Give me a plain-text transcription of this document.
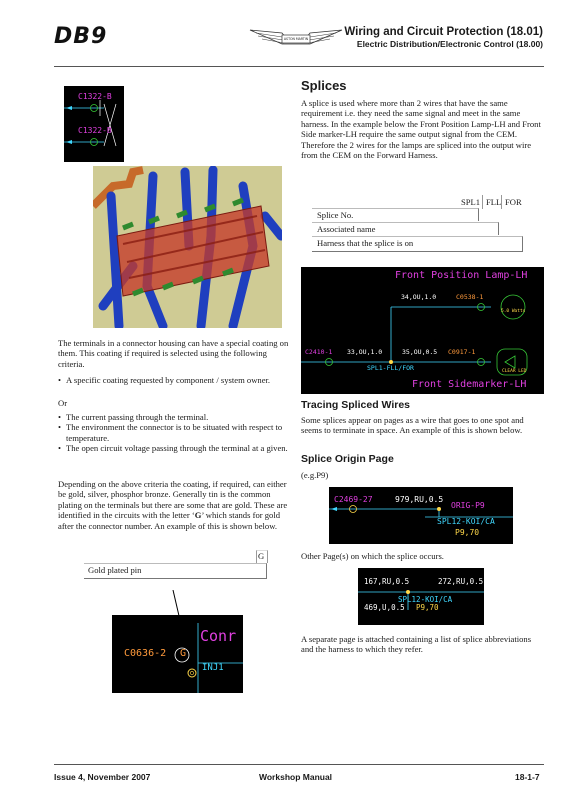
DB9	ASTON MARTIN
Wiring and Circuit Protection (18.01)
Electric Distribution/Electronic Control (18.00)
C1322-B
C1322-B
The terminals in a connector housing can have a special coating on them. This coating if required is selected using the following criteria.
• A specific coating requested by component / system owner.
Or
• The current passing through the terminal.
• The environment the connector is to be situated with respect to temperature.
• The open circuit voltage passing through the terminal at a given.
Depending on the above criteria the coating, if required, can either be gold, silver, phosphor bronze. Generally tin is the common plating on the terminals but there are some that are gold. These are identified in the circuits with the letter ‘G’ which stands for gold after the connector number. An example of this is shown below.
G
Gold plated pin
C0636-2 G
Conr
INJ1
Splices
A splice is used where more than 2 wires that have the same requirement i.e. they need the same signal and meet in the same harness. In the example below the Front Position Lamp-LH and Front Side marker-LH require the same output signal from the CEM. Therefore the 2 wires for the lamps are spliced into the output wire from the CEM on the Forward Harness.
SPL1 FLL FOR
Splice No.
Associated name
Harness that the splice is on
Front Position Lamp-LH
34,OU,1.0	C0538-1
5.0 Watts
C2410-1 33,OU,1.0	35,OU,0.5 C0917-1
CLEAR LED
SPL1-FLL/FOR
Front Sidemarker-LH
Tracing Spliced Wires
Some splices appear on pages as a wire that goes to one spot and seems to terminate in space. An example of this is shown below.
Splice Origin Page
(e.g.P9)
C2469-27	979,RU,0.5
ORIG-P9
SPL12-KOI/CA
P9,70
Other Page(s) on which the splice occurs.
167,RU,0.5	272,RU,0.5
SPL12-KOI/CA
469,U,0.5 P9,70
A separate page is attached containing a list of splice abbreviations and the harness to which they refer.
Issue 4, November 2007	Workshop Manual	18-1-7
